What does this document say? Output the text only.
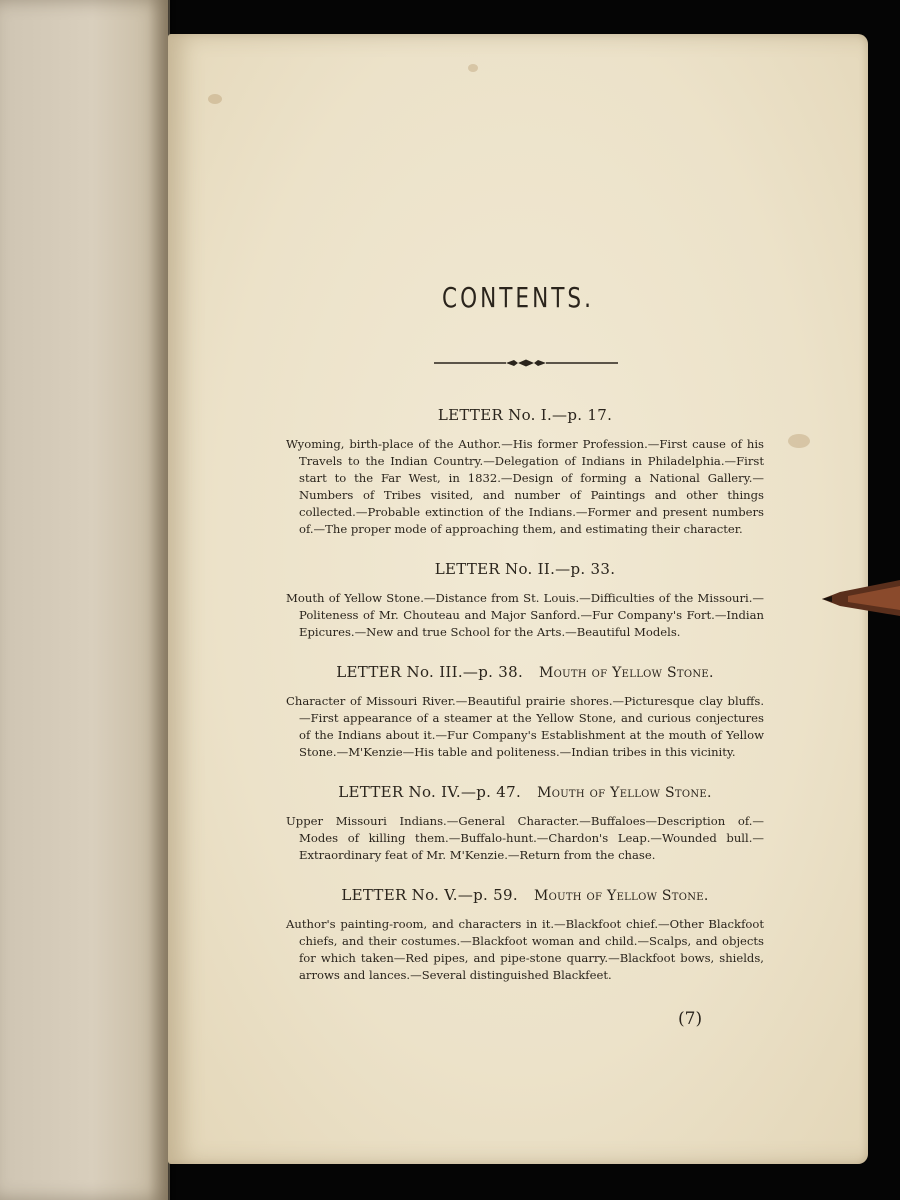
CONTENTS.

LETTER No. I.—p. 17.

Wyoming, birth-place of the Author.—His former Profession.—First cause of his Travels to the Indian Country.—Delegation of Indians in Philadelphia.—First start to the Far West, in 1832.—Design of forming a National Gallery.—Numbers of Tribes visited, and number of Paintings and other things collected.—Probable extinction of the Indians.—Former and present numbers of.—The proper mode of approaching them, and estimating their character.

LETTER No. II.—p. 33.

Mouth of Yellow Stone.—Distance from St. Louis.—Difficulties of the Missouri.—Politeness of Mr. Chouteau and Major Sanford.—Fur Company's Fort.—Indian Epicures.—New and true School for the Arts.—Beautiful Models.

LETTER No. III.—p. 38. Mouth of Yellow Stone.

Character of Missouri River.—Beautiful prairie shores.—Picturesque clay bluffs.—First appearance of a steamer at the Yellow Stone, and curious conjectures of the Indians about it.—Fur Company's Establishment at the mouth of Yellow Stone.—M'Kenzie—His table and politeness.—Indian tribes in this vicinity.

LETTER No. IV.—p. 47. Mouth of Yellow Stone.

Upper Missouri Indians.—General Character.—Buffaloes—Description of.—Modes of killing them.—Buffalo-hunt.—Chardon's Leap.—Wounded bull.—Extraordinary feat of Mr. M'Kenzie.—Return from the chase.

LETTER No. V.—p. 59. Mouth of Yellow Stone.

Author's painting-room, and characters in it.—Blackfoot chief.—Other Blackfoot chiefs, and their costumes.—Blackfoot woman and child.—Scalps, and objects for which taken—Red pipes, and pipe-stone quarry.—Blackfoot bows, shields, arrows and lances.—Several distinguished Blackfeet.

(7)
